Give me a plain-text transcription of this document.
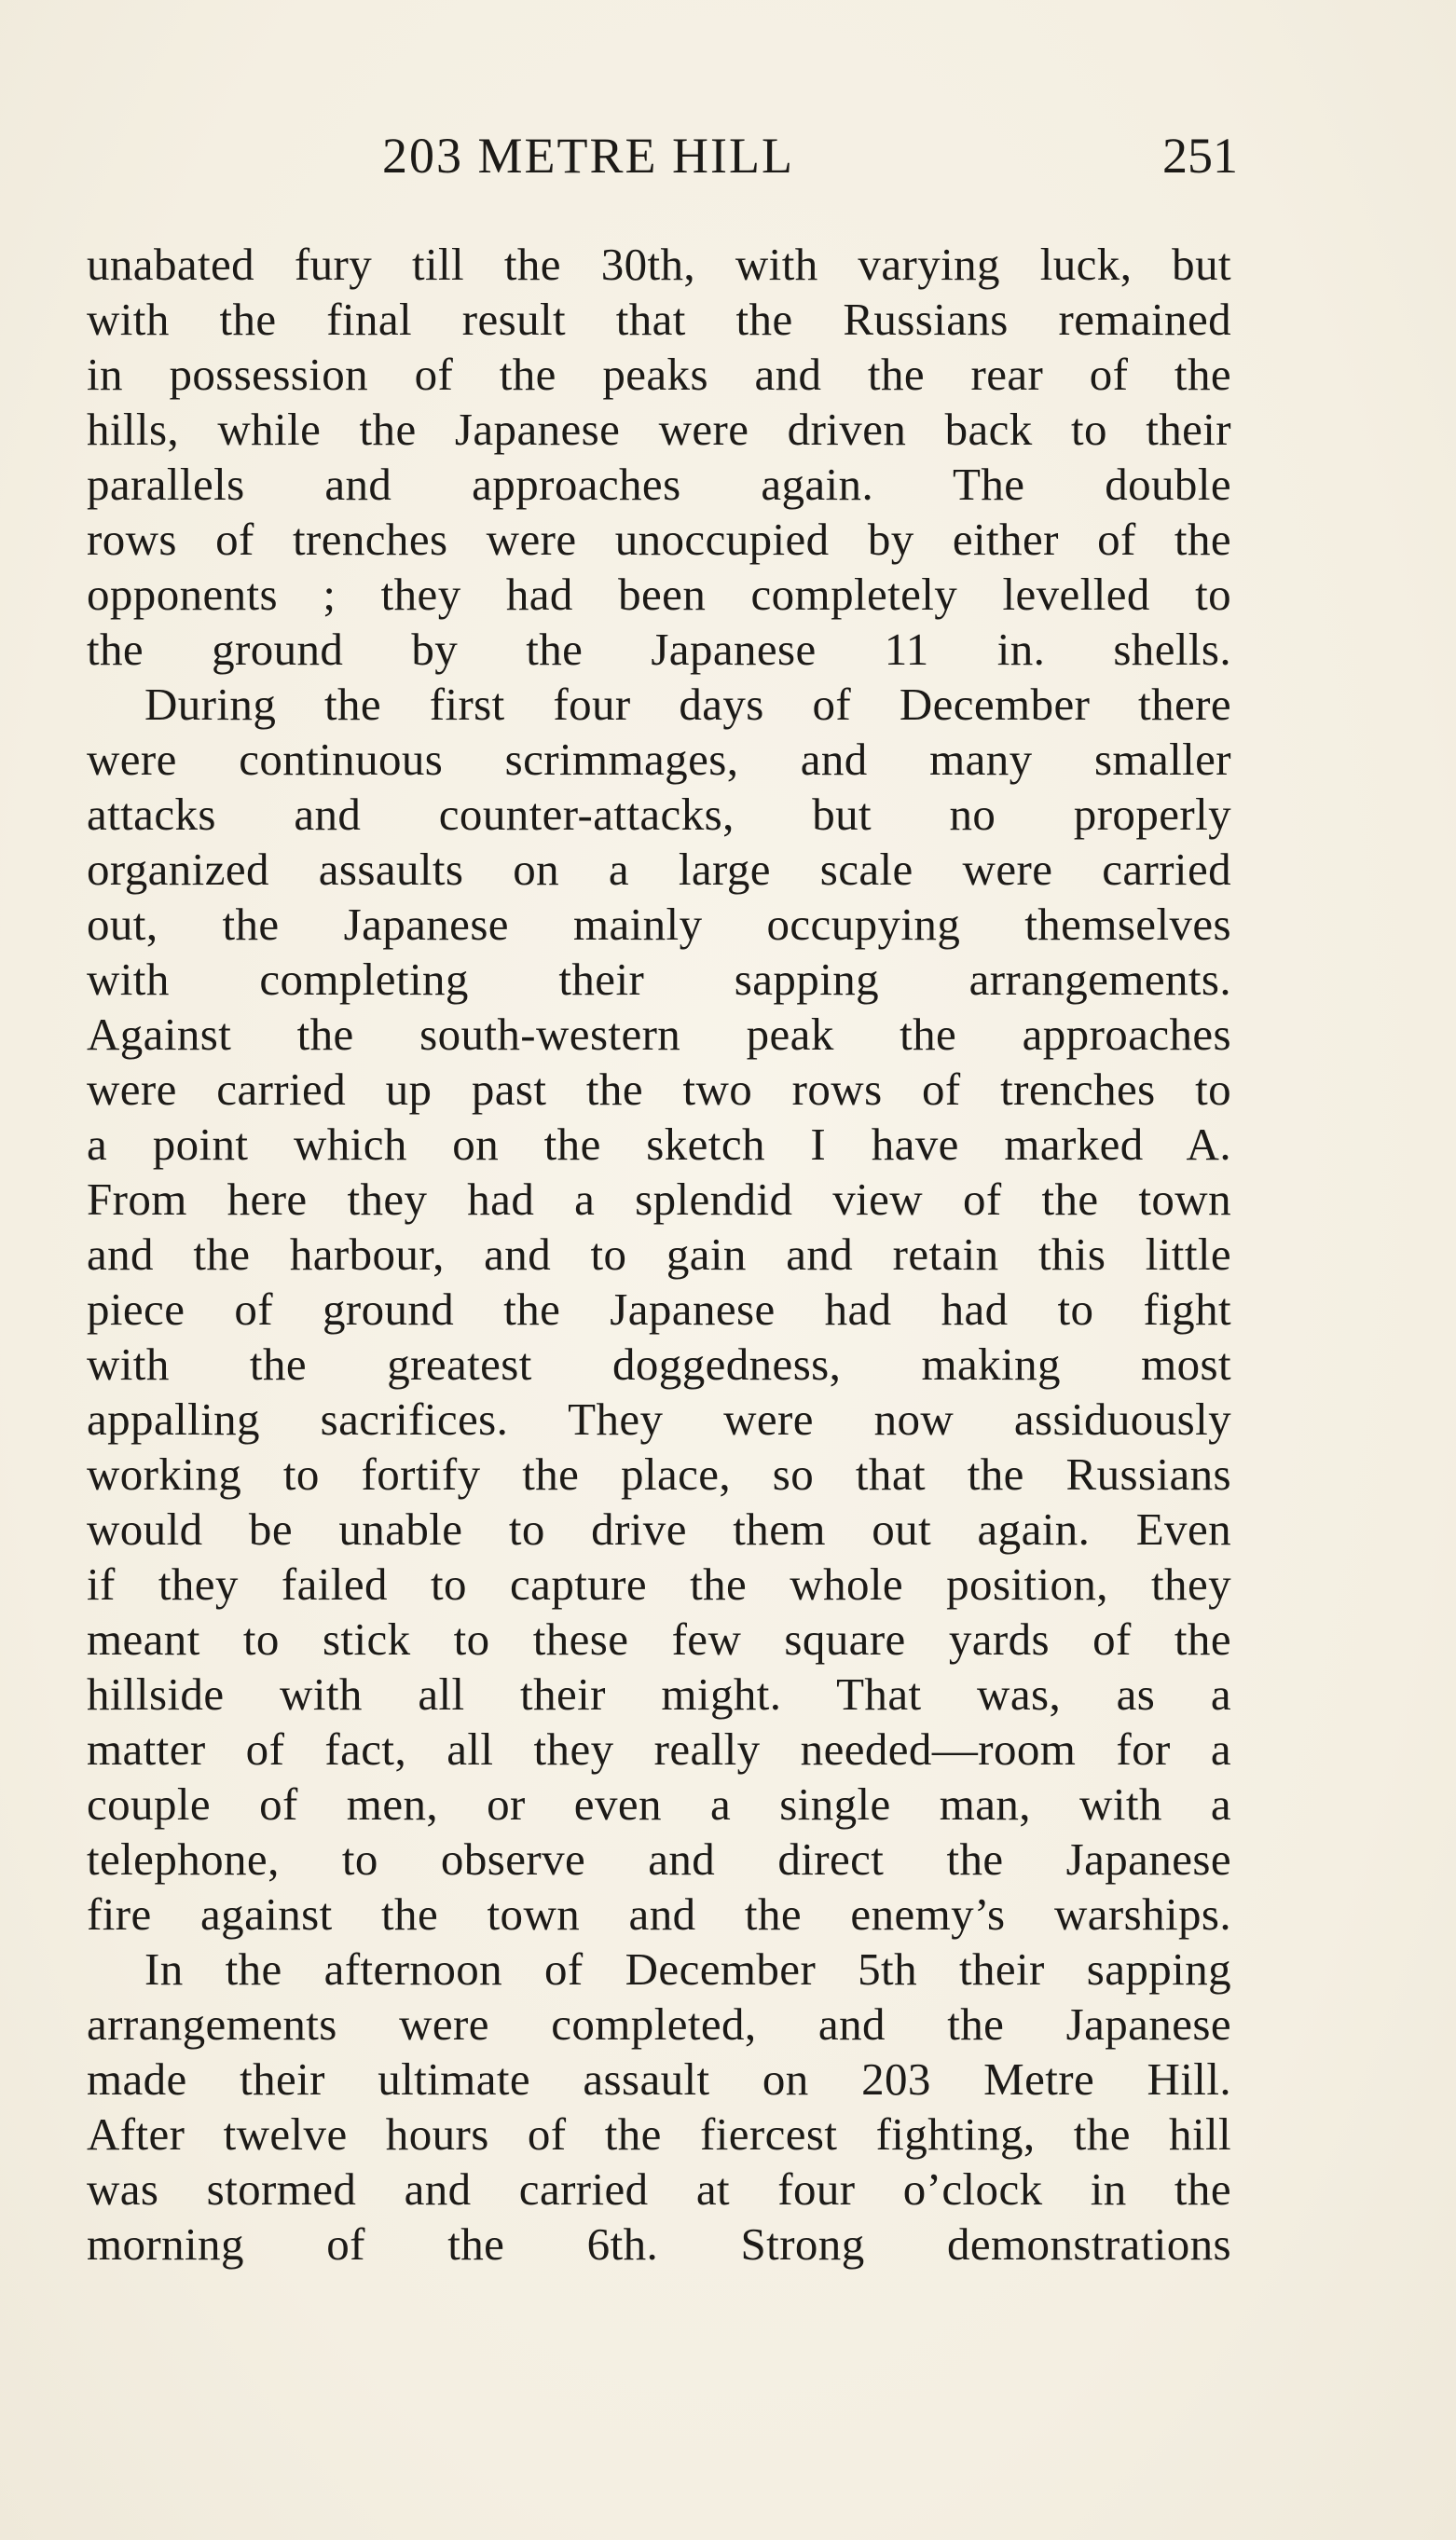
203 METRE HILL	251
unabated fury till the 30th, with varying luck, but
with the final result that the Russians remained
in possession of the peaks and the rear of the
hills, while the Japanese were driven back to their
parallels and approaches again. The double
rows of trenches were unoccupied by either of the
opponents ; they had been completely levelled to
the ground by the Japanese 11 in. shells.
During the first four days of December there
were continuous scrimmages, and many smaller
attacks and counter-attacks, but no properly
organized assaults on a large scale were carried
out, the Japanese mainly occupying themselves
with completing their sapping arrangements.
Against the south-western peak the approaches
were carried up past the two rows of trenches to
a point which on the sketch I have marked A.
From here they had a splendid view of the town
and the harbour, and to gain and retain this little
piece of ground the Japanese had had to fight
with the greatest doggedness, making most
appalling sacrifices. They were now assiduously
working to fortify the place, so that the Russians
would be unable to drive them out again. Even
if they failed to capture the whole position, they
meant to stick to these few square yards of the
hillside with all their might. That was, as a
matter of fact, all they really needed—room for a
couple of men, or even a single man, with a
telephone, to observe and direct the Japanese
fire against the town and the enemy’s warships.
In the afternoon of December 5th their sapping
arrangements were completed, and the Japanese
made their ultimate assault on 203 Metre Hill.
After twelve hours of the fiercest fighting, the hill
was stormed and carried at four o’clock in the
morning of the 6th. Strong demonstrations
